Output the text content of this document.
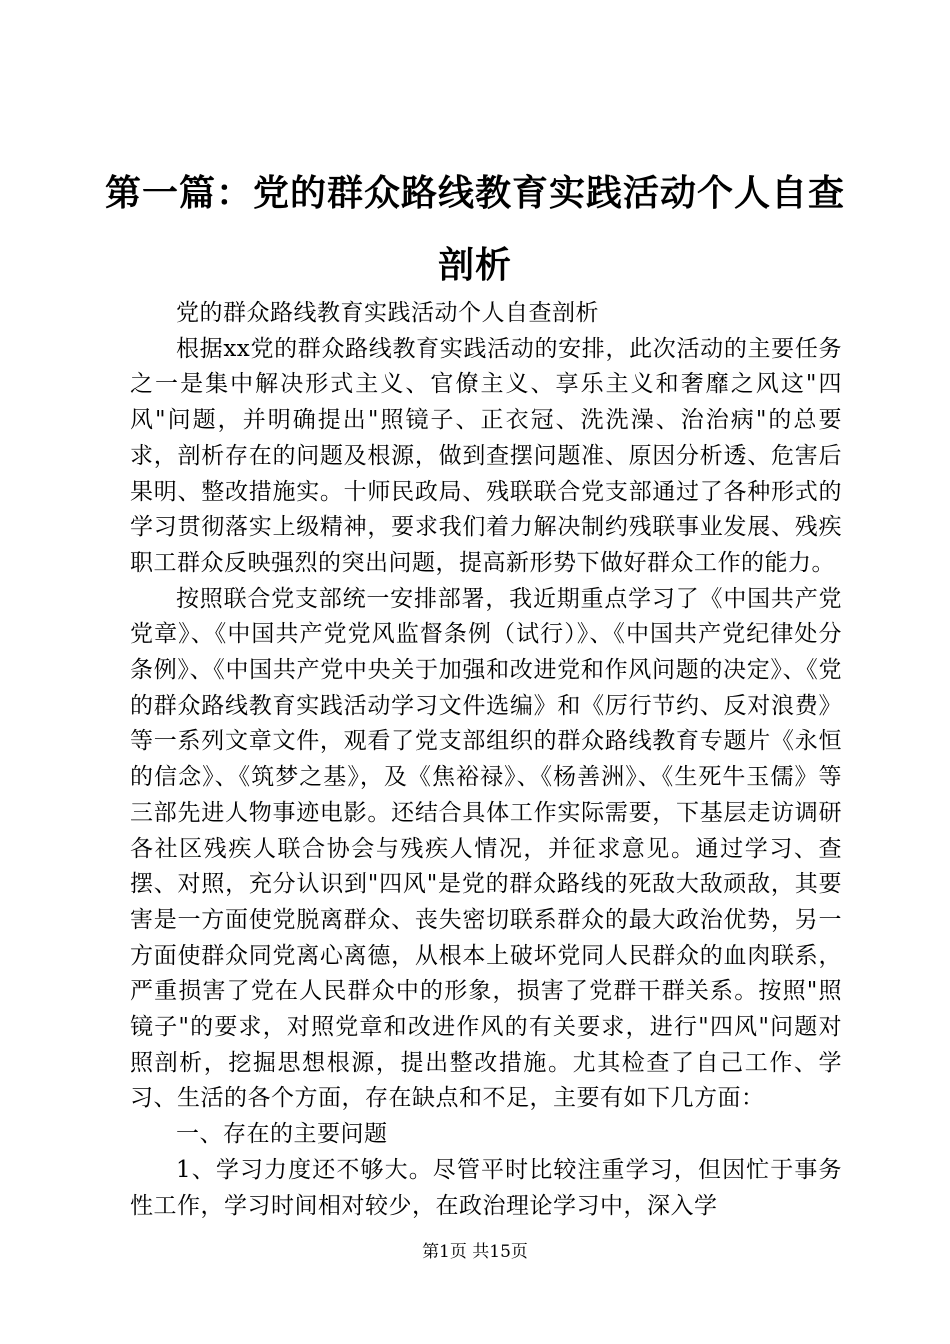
第一篇：党的群众路线教育实践活动个人自查剖析

党的群众路线教育实践活动个人自查剖析

根据xx党的群众路线教育实践活动的安排，此次活动的主要任务之一是集中解决形式主义、官僚主义、享乐主义和奢靡之风这"四风"问题，并明确提出"照镜子、正衣冠、洗洗澡、治治病"的总要求，剖析存在的问题及根源，做到查摆问题准、原因分析透、危害后果明、整改措施实。十师民政局、残联联合党支部通过了各种形式的学习贯彻落实上级精神，要求我们着力解决制约残联事业发展、残疾职工群众反映强烈的突出问题，提高新形势下做好群众工作的能力。

按照联合党支部统一安排部署，我近期重点学习了《中国共产党党章》、《中国共产党党风监督条例（试行）》、《中国共产党纪律处分条例》、《中国共产党中央关于加强和改进党和作风问题的决定》、《党的群众路线教育实践活动学习文件选编》和《厉行节约、反对浪费》等一系列文章文件，观看了党支部组织的群众路线教育专题片《永恒的信念》、《筑梦之基》，及《焦裕禄》、《杨善洲》、《生死牛玉儒》等三部先进人物事迹电影。还结合具体工作实际需要，下基层走访调研各社区残疾人联合协会与残疾人情况，并征求意见。通过学习、查摆、对照，充分认识到"四风"是党的群众路线的死敌大敌顽敌，其要害是一方面使党脱离群众、丧失密切联系群众的最大政治优势，另一方面使群众同党离心离德，从根本上破坏党同人民群众的血肉联系，严重损害了党在人民群众中的形象，损害了党群干群关系。按照"照镜子"的要求，对照党章和改进作风的有关要求，进行"四风"问题对照剖析，挖掘思想根源，提出整改措施。尤其检查了自己工作、学习、生活的各个方面，存在缺点和不足，主要有如下几方面：

一、存在的主要问题

1、学习力度还不够大。尽管平时比较注重学习，但因忙于事务性工作，学习时间相对较少，在政治理论学习中，深入学

第1页 共15页
